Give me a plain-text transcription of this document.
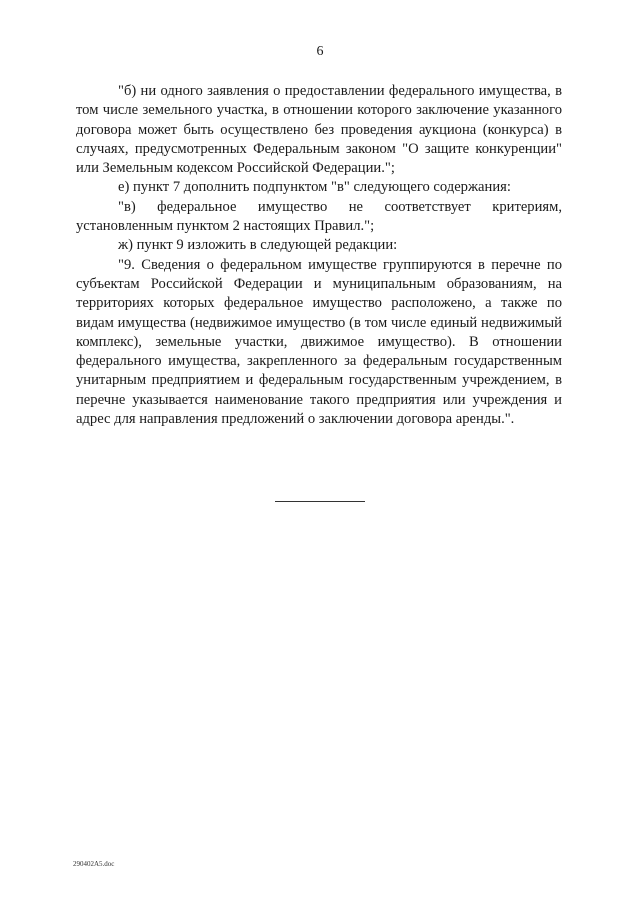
6

"б) ни одного заявления о предоставлении федерального имущества, в том числе земельного участка, в отношении которого заключение указанного договора может быть осуществлено без проведения аукциона (конкурса) в случаях, предусмотренных Федеральным законом "О защите конкуренции" или Земельным кодексом Российской Федерации.";

е) пункт 7 дополнить подпунктом "в" следующего содержания:

"в) федеральное имущество не соответствует критериям, установленным пунктом 2 настоящих Правил.";

ж) пункт 9 изложить в следующей редакции:

"9. Сведения о федеральном имуществе группируются в перечне по субъектам Российской Федерации и муниципальным образованиям, на территориях которых федеральное имущество расположено, а также по видам имущества (недвижимое имущество (в том числе единый недвижимый комплекс), земельные участки, движимое имущество). В отношении федерального имущества, закрепленного за федеральным государственным унитарным предприятием и федеральным государственным учреждением, в перечне указывается наименование такого предприятия или учреждения и адрес для направления предложений о заключении договора аренды.".

290402A5.doc
